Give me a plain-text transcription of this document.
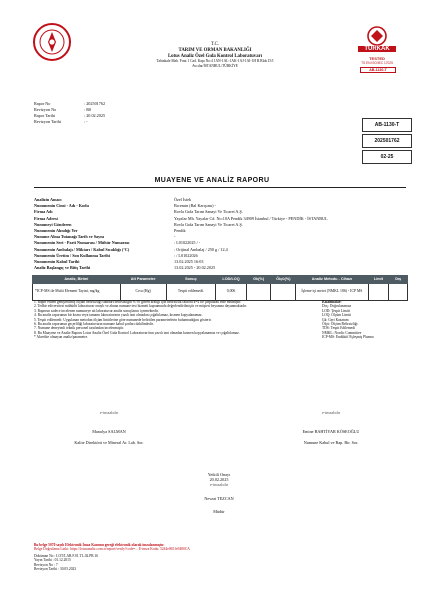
T.C.
TARIM VE ORMAN BAKANLIĞI
Lotus Analiz Özel Gıda Kontrol Laboratuvarı
Tahtakale Mah. Fırat 1 Cad. Kapı No:4 1AN-1AL-1AK-1AJ-1AI-1H B.Blok D:5
Avcılar/İSTANBUL/TÜRKİYE
TÜRKAK
TESTED
TS EN ISO/IEC 17025
AB-1130-T
Rapor No	: 202501762
Revizyon No	: R0
Rapor Tarihi	: 20.02.2025
Revizyon Tarihi	: -
AB-1130-T
202501762
02-25
MUAYENE VE ANALİZ RAPORU
Analizin Amacı	Özel İstek
Numunenin Cinsi - Adı - Kodu	Bıcemin (Bal Karışımı) -
Firma Adı	Rovla Gıda Tarım Sanayi Ve Ticaret A.Ş.
Firma Adresi	Yayalar Mh. Yayalar Cd. No:10A Pendik 34909 İstanbul / Türkiye - PENDİK - İSTANBUL
Numuneyi Gönderen	Rovla Gıda Tarım Sanayi Ve Ticaret A.Ş.
Numunenin Alındığı Yer	Pendik
Numune Alma Tutanağı Tarih ve Sayısı	-
Numunenin Seri - Parti Numarası / Mühür Numarası	: L01022025 / -
Numunenin Ambalajı / Miktarı / Kabul Sıcaklığı (°C)	: Orijinal Ambalaj / 250 g / 12,4
Numunenin Üretim / Son Kullanma Tarihi	: / L01022026
Numunenin Kabul Tarihi	13.02.2025 16:03
Analiz Başlangıç ve Bitiş Tarihi	13.02.2025 - 20.02.2025
Analiz, Birimi	Alt Parametre	Sonuç	LOD/LOQ	Gk(%)	Ölçü(%)	Analiz Metodu - Cihazı	Limit	Dış
*ICP-MS ile Multi Element Tayini, mg/kg	Cıva (Hg)	Tespit edilemedi.	0,006			İşleme içi metot (NMKL 186) - ICP MS		
1. Rapor edilen genişletilmiş ölçüm belirsizliği standart belirsizliğin % 95 güven aralığı için belirsizlik faktörü k=2 ile çarpılarak elde edilmiştir.
2. Tedbir ediversitesi mühürlü laboratuvar onaylı ve alınan numune test hizmeti kapsamında değerlendirilmiştir ve müşteri beyanına dayanmaktadır.
3. Raporun sadece incelenen numuneye ait laboratuvar analiz sonuçlarını içermektedir.
4. Bu analiz raporunun bir kısmı veya tamamı laboratuvarın yazılı izni olmadan çoğaltılamaz, kısmen kopyalanamaz.
5. Tespit edilemedi: Uygulanan metodun ölçüm limitlerine göre numunede belirtilen parametrelerin bulunmadığını gösterir.
6. Bu analiz raporunun geçerliliği laboratuvarın numune kabul şartları dahilindedir.
7. Numune deneyimli teknik personel tarafından incelenmiştir.
8. Bu Muayene ve Analiz Raporu Lotus Analiz Özel Gıda Kontrol Laboratuvarı'nın yazılı izni olmadan kısmen kopyalanamaz ve çoğaltılamaz.
* Akredite olmayan analiz/parametre.
Kısaltmalar:
Doç: Doğrulanamaz
LOD: Tespit Limiti
LOQ: Ölçüm Limiti
Gk: Geri Kazanım
Ölçü: Ölçüm Belirsizliği
TDS: Tespit Edilemedi
NMKL: Nordic Committee
ICP-MS: Endüktif Eşleşmiş Plazma
e-imzalıdır
Manolya SALMAN
Kalite Direktörü ve Mineral Ar. Lab. Sor.
e-imzalıdır
Emine BAHTİYAR KÖSEOĞLU
Numune Kabul ve Rap. Bir. Sor.
Yetkili Onayı
20.02.2025
e-imzalıdır
Nevzat TEZCAN
Müdür
Bu belge 5070 sayılı Elektronik İmza Kanunu gereği elektronik olarak imzalanmıştır.
Belge Doğrulama Linki: https://lotusanaliz.com.tr/report/verify?code=... E-imza Kodu: 5244e0651e9480CA
Doküman No : LOT/LAB.F.01.TL.02.PR.16
Yayın Tarihi : 01.12.2015
Revizyon No : 7
Revizyon Tarihi : 30.05.2023
